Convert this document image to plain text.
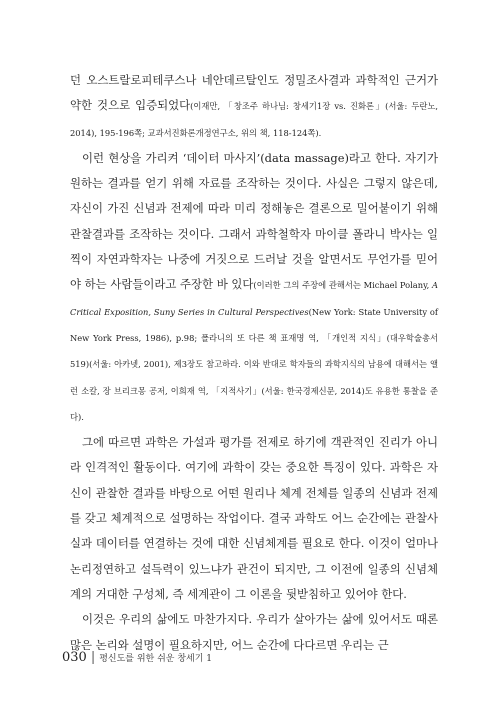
던 오스트랄로피테쿠스나 네안데르탈인도 정밀조사결과 과학적인 근거가 약한 것으로 입증되었다(이재만, 「창조주 하나님: 창세기1장 vs. 진화론」(서울: 두란노, 2014), 195-196쪽; 교과서진화론개정연구소, 위의 책, 118-124쪽).

이런 현상을 가리켜 ‘데이터 마사지’(data massage)라고 한다. 자기가 원하는 결과를 얻기 위해 자료를 조작하는 것이다. 사실은 그렇지 않은데, 자신이 가진 신념과 전제에 따라 미리 정해놓은 결론으로 밀어붙이기 위해 관찰결과를 조작하는 것이다. 그래서 과학철학자 마이클 폴라니 박사는 일찍이 자연과학자는 나중에 거짓으로 드러날 것을 알면서도 무언가를 믿어야 하는 사람들이라고 주장한 바 있다(이러한 그의 주장에 관해서는 Michael Polany, A Critical Exposition, Suny Series in Cultural Perspectives(New York: State University of New York Press, 1986), p.98; 폴라니의 또 다른 책 표재명 역, 「개인적 지식」(대우학술총서 519)(서울: 아카넷, 2001), 제3장도 참고하라. 이와 반대로 학자들의 과학지식의 남용에 대해서는 앨런 소칼, 장 브리크몽 공저, 이희재 역, 「지적사기」(서울: 한국경제신문, 2014)도 유용한 통찰을 준다).

그에 따르면 과학은 가설과 평가를 전제로 하기에 객관적인 진리가 아니라 인격적인 활동이다. 여기에 과학이 갖는 중요한 특징이 있다. 과학은 자신이 관찰한 결과를 바탕으로 어떤 원리나 체계 전체를 일종의 신념과 전제를 갖고 체계적으로 설명하는 작업이다. 결국 과학도 어느 순간에는 관찰사실과 데이터를 연결하는 것에 대한 신념체계를 필요로 한다. 이것이 얼마나 논리정연하고 설득력이 있느냐가 관건이 되지만, 그 이전에 일종의 신념체계의 거대한 구성체, 즉 세계관이 그 이론을 뒷받침하고 있어야 한다.

이것은 우리의 삶에도 마찬가지다. 우리가 살아가는 삶에 있어서도 때론 많은 논리와 설명이 필요하지만, 어느 순간에 다다르면 우리는 근

030 | 평신도를 위한 쉬운 창세기 1
